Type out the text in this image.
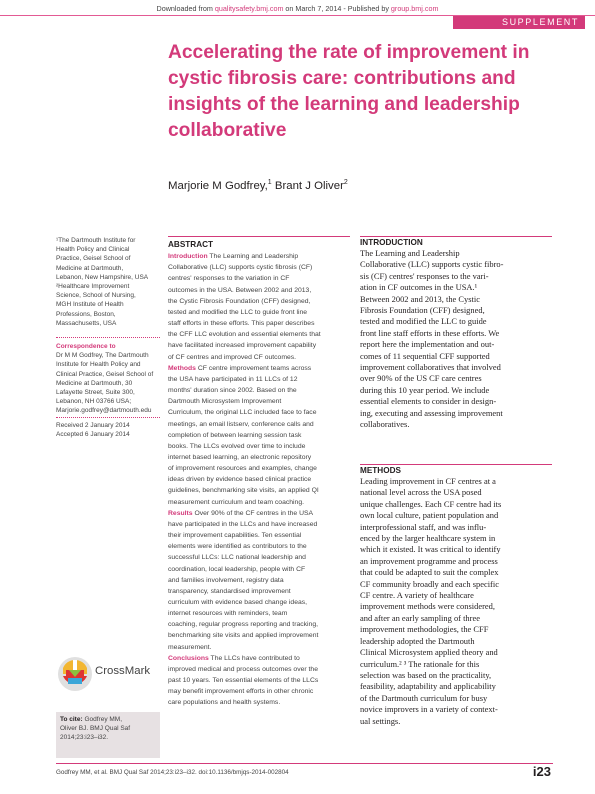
Downloaded from qualitysafety.bmj.com on March 7, 2014 - Published by group.bmj.com
SUPPLEMENT
Accelerating the rate of improvement in cystic fibrosis care: contributions and insights of the learning and leadership collaborative
Marjorie M Godfrey,$^1$ Brant J Oliver$^2$
¹The Dartmouth Institute for
Health Policy and Clinical
Practice, Geisel School of
Medicine at Dartmouth,
Lebanon, New Hampshire, USA
²Healthcare Improvement
Science, School of Nursing,
MGH Institute of Health
Professions, Boston,
Massachusetts, USA
Correspondence to
Dr M M Godfrey, The Dartmouth
Institute for Health Policy and
Clinical Practice, Geisel School of
Medicine at Dartmouth, 30
Lafayette Street, Suite 300,
Lebanon, NH 03766 USA;
Marjorie.godfrey@dartmouth.edu
Received 2 January 2014
Accepted 6 January 2014
ABSTRACT
Introduction The Learning and Leadership
Collaborative (LLC) supports cystic fibrosis (CF)
centres' responses to the variation in CF
outcomes in the USA. Between 2002 and 2013,
the Cystic Fibrosis Foundation (CFF) designed,
tested and modified the LLC to guide front line
staff efforts in these efforts. This paper describes
the CFF LLC evolution and essential elements that
have facilitated increased improvement capability
of CF centres and improved CF outcomes.
Methods CF centre improvement teams across
the USA have participated in 11 LLCs of 12
months' duration since 2002. Based on the
Dartmouth Microsystem Improvement
Curriculum, the original LLC included face to face
meetings, an email listserv, conference calls and
completion of between learning session task
books. The LLCs evolved over time to include
internet based learning, an electronic repository
of improvement resources and examples, change
ideas driven by evidence based clinical practice
guidelines, benchmarking site visits, an applied QI
measurement curriculum and team coaching.
Results Over 90% of the CF centres in the USA
have participated in the LLCs and have increased
their improvement capabilities. Ten essential
elements were identified as contributors to the
successful LLCs: LLC national leadership and
coordination, local leadership, people with CF
and families involvement, registry data
transparency, standardised improvement
curriculum with evidence based change ideas,
internet resources with reminders, team
coaching, regular progress reporting and tracking,
benchmarking site visits and applied improvement
measurement.
Conclusions The LLCs have contributed to
improved medical and process outcomes over the
past 10 years. Ten essential elements of the LLCs
may benefit improvement efforts in other chronic
care populations and health systems.
INTRODUCTION
The Learning and Leadership
Collaborative (LLC) supports cystic fibro-
sis (CF) centres' responses to the vari-
ation in CF outcomes in the USA.¹
Between 2002 and 2013, the Cystic
Fibrosis Foundation (CFF) designed,
tested and modified the LLC to guide
front line staff efforts in these efforts. We
report here the implementation and out-
comes of 11 sequential CFF supported
improvement collaboratives that involved
over 90% of the US CF care centres
during this 10 year period. We include
essential elements to consider in design-
ing, executing and assessing improvement
collaboratives.
METHODS
Leading improvement in CF centres at a
national level across the USA posed
unique challenges. Each CF centre had its
own local culture, patient population and
interprofessional staff, and was influ-
enced by the larger healthcare system in
which it existed. It was critical to identify
an improvement programme and process
that could be adapted to suit the complex
CF community broadly and each specific
CF centre. A variety of healthcare
improvement methods were considered,
and after an early sampling of three
improvement methodologies, the CFF
leadership adopted the Dartmouth
Clinical Microsystem applied theory and
curriculum.² ³ The rationale for this
selection was based on the practicality,
feasibility, adaptability and applicability
of the Dartmouth curriculum for busy
novice improvers in a variety of context-
ual settings.
CrossMark
To cite: Godfrey MM,
Oliver BJ. BMJ Qual Saf
2014;23:i23–i32.
Godfrey MM, et al. BMJ Qual Saf 2014;23:i23–i32. doi:10.1136/bmjqs-2014-002804	i23
